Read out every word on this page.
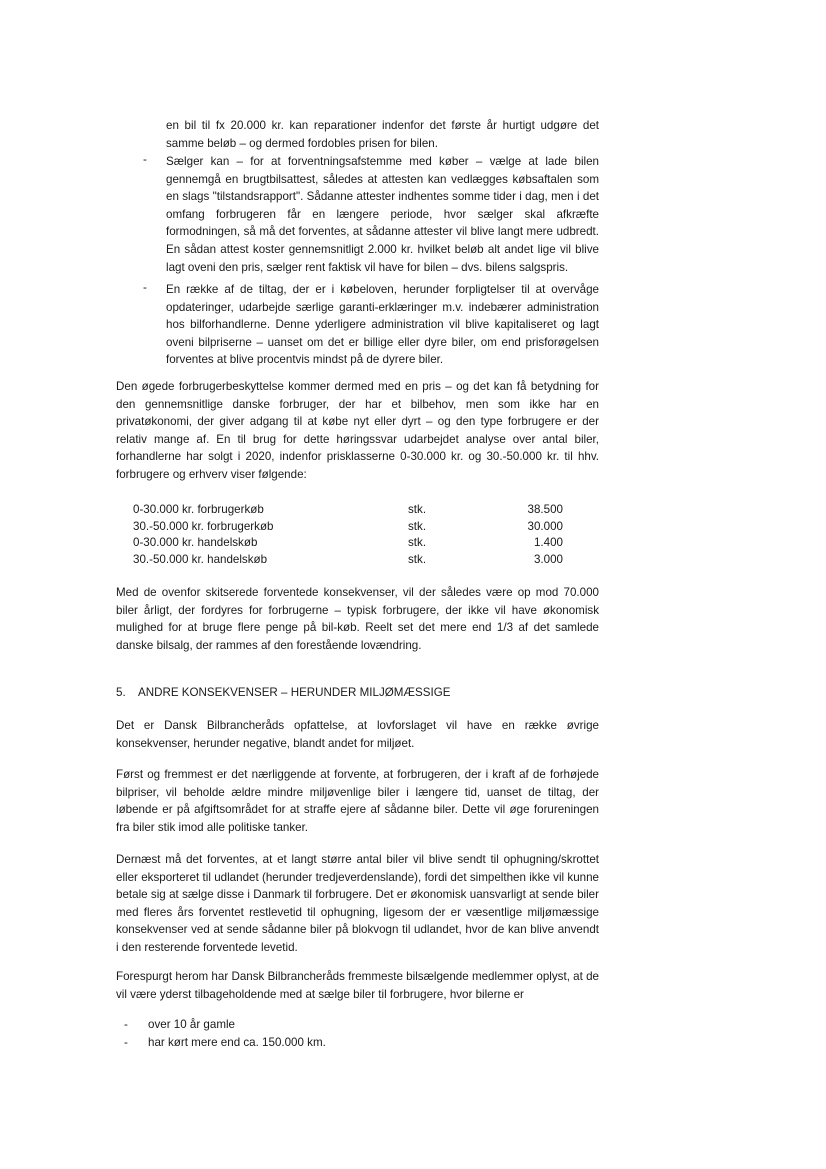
en bil til fx 20.000 kr. kan reparationer indenfor det første år hurtigt udgøre det samme beløb – og dermed fordobles prisen for bilen.

- Sælger kan – for at forventningsafstemme med køber – vælge at lade bilen gennemgå en brugtbilsattest, således at attesten kan vedlægges købsaftalen som en slags "tilstandsrapport". Sådanne attester indhentes somme tider i dag, men i det omfang forbrugeren får en længere periode, hvor sælger skal afkræfte formodningen, så må det forventes, at sådanne attester vil blive langt mere udbredt. En sådan attest koster gennemsnitligt 2.000 kr. hvilket beløb alt andet lige vil blive lagt oveni den pris, sælger rent faktisk vil have for bilen – dvs. bilens salgspris.

- En række af de tiltag, der er i købeloven, herunder forpligtelser til at overvåge opdateringer, udarbejde særlige garanti-erklæringer m.v. indebærer administration hos bilforhandlerne. Denne yderligere administration vil blive kapitaliseret og lagt oveni bilpriserne – uanset om det er billige eller dyre biler, om end prisforøgelsen forventes at blive procentvis mindst på de dyrere biler.

Den øgede forbrugerbeskyttelse kommer dermed med en pris – og det kan få betydning for den gennemsnitlige danske forbruger, der har et bilbehov, men som ikke har en privatøkonomi, der giver adgang til at købe nyt eller dyrt – og den type forbrugere er der relativ mange af. En til brug for dette høringssvar udarbejdet analyse over antal biler, forhandlerne har solgt i 2020, indenfor prisklasserne 0-30.000 kr. og 30.-50.000 kr. til hhv. forbrugere og erhverv viser følgende:

0-30.000 kr. forbrugerkøb	stk.	38.500
30.-50.000 kr. forbrugerkøb	stk.	30.000
0-30.000 kr. handelskøb	stk.	1.400
30.-50.000 kr. handelskøb	stk.	3.000

Med de ovenfor skitserede forventede konsekvenser, vil der således være op mod 70.000 biler årligt, der fordyres for forbrugerne – typisk forbrugere, der ikke vil have økonomisk mulighed for at bruge flere penge på bil-køb. Reelt set det mere end 1/3 af det samlede danske bilsalg, der rammes af den forestående lovændring.

5. ANDRE KONSEKVENSER – HERUNDER MILJØMÆSSIGE

Det er Dansk Bilbrancheråds opfattelse, at lovforslaget vil have en række øvrige konsekvenser, herunder negative, blandt andet for miljøet.

Først og fremmest er det nærliggende at forvente, at forbrugeren, der i kraft af de forhøjede bilpriser, vil beholde ældre mindre miljøvenlige biler i længere tid, uanset de tiltag, der løbende er på afgiftsområdet for at straffe ejere af sådanne biler. Dette vil øge forureningen fra biler stik imod alle politiske tanker.

Dernæst må det forventes, at et langt større antal biler vil blive sendt til ophugning/skrottet eller eksporteret til udlandet (herunder tredjeverdenslande), fordi det simpelthen ikke vil kunne betale sig at sælge disse i Danmark til forbrugere. Det er økonomisk uansvarligt at sende biler med fleres års forventet restlevetid til ophugning, ligesom der er væsentlige miljømæssige konsekvenser ved at sende sådanne biler på blokvogn til udlandet, hvor de kan blive anvendt i den resterende forventede levetid.

Forespurgt herom har Dansk Bilbrancheråds fremmeste bilsælgende medlemmer oplyst, at de vil være yderst tilbageholdende med at sælge biler til forbrugere, hvor bilerne er

- over 10 år gamle
- har kørt mere end ca. 150.000 km.
